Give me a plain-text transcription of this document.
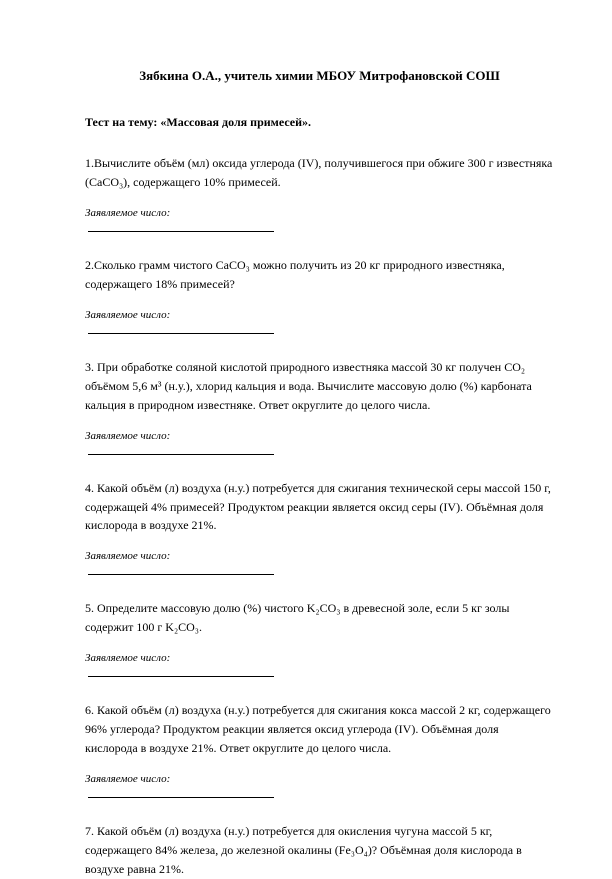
Зябкина О.А., учитель химии МБОУ Митрофановской СОШ

Тест на тему: «Массовая доля примесей».

1.Вычислите объём (мл) оксида углерода (IV), получившегося при обжиге 300 г известняка (CaCO₃), содержащего 10% примесей.

Заявляемое число:

2.Сколько грамм чистого CaCO₃ можно получить из 20 кг природного известняка, содержащего 18% примесей?

Заявляемое число:

3. При обработке соляной кислотой природного известняка массой 30 кг получен CO₂ объёмом 5,6 м³ (н.у.), хлорид кальция и вода. Вычислите массовую долю (%) карбоната кальция в природном известняке. Ответ округлите до целого числа.

Заявляемое число:

4. Какой объём (л) воздуха (н.у.) потребуется для сжигания технической серы массой 150 г, содержащей 4% примесей? Продуктом реакции является оксид серы (IV). Объёмная доля кислорода в воздухе 21%.

Заявляемое число:

5. Определите массовую долю (%) чистого K₂CO₃ в древесной золе, если 5 кг золы содержит 100 г K₂CO₃.

Заявляемое число:

6. Какой объём (л) воздуха (н.у.) потребуется для сжигания кокса массой 2 кг, содержащего 96% углерода? Продуктом реакции является оксид углерода (IV). Объёмная доля кислорода в воздухе 21%. Ответ округлите до целого числа.

Заявляемое число:

7. Какой объём (л) воздуха (н.у.) потребуется для окисления чугуна массой 5 кг, содержащего 84% железа, до железной окалины (Fe₃O₄)? Объёмная доля кислорода в воздухе равна 21%.
